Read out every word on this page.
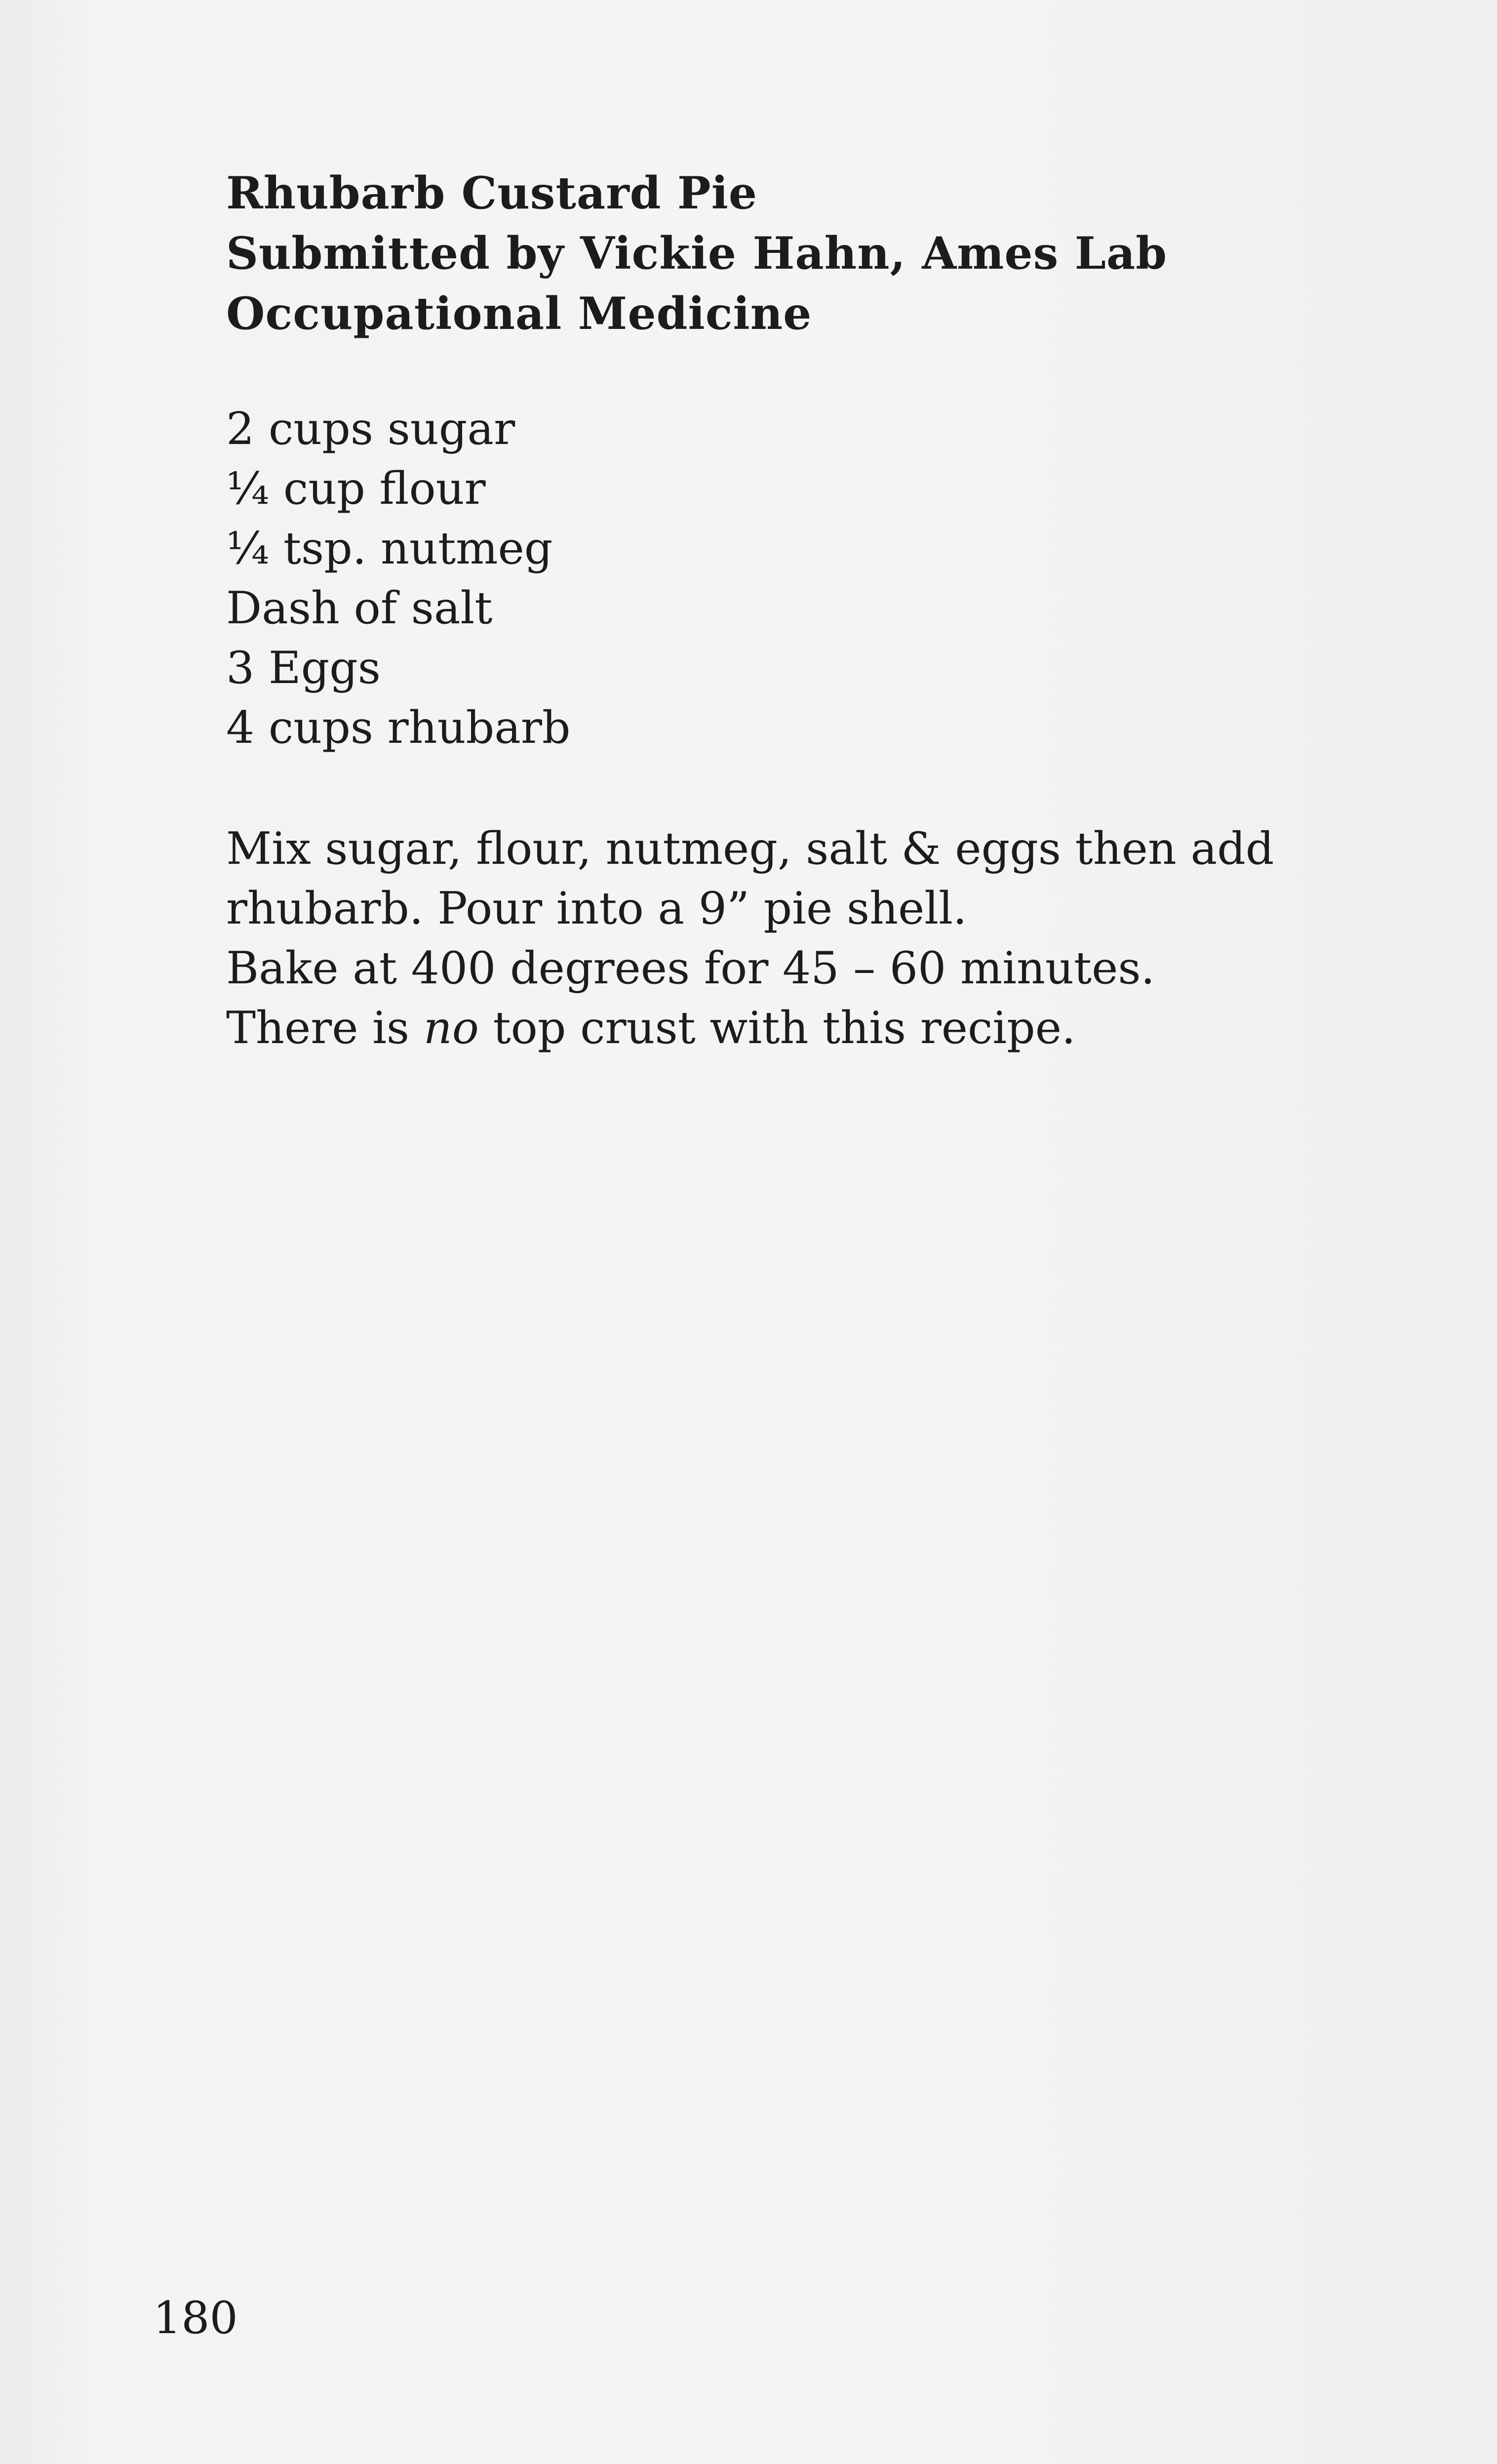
Rhubarb Custard Pie
Submitted by Vickie Hahn, Ames Lab
Occupational Medicine
2 cups sugar
¼ cup flour
¼ tsp. nutmeg
Dash of salt
3 Eggs
4 cups rhubarb
Mix sugar, flour, nutmeg, salt & eggs then add
rhubarb. Pour into a 9” pie shell.
Bake at 400 degrees for 45 – 60 minutes.
There is no top crust with this recipe.
180
